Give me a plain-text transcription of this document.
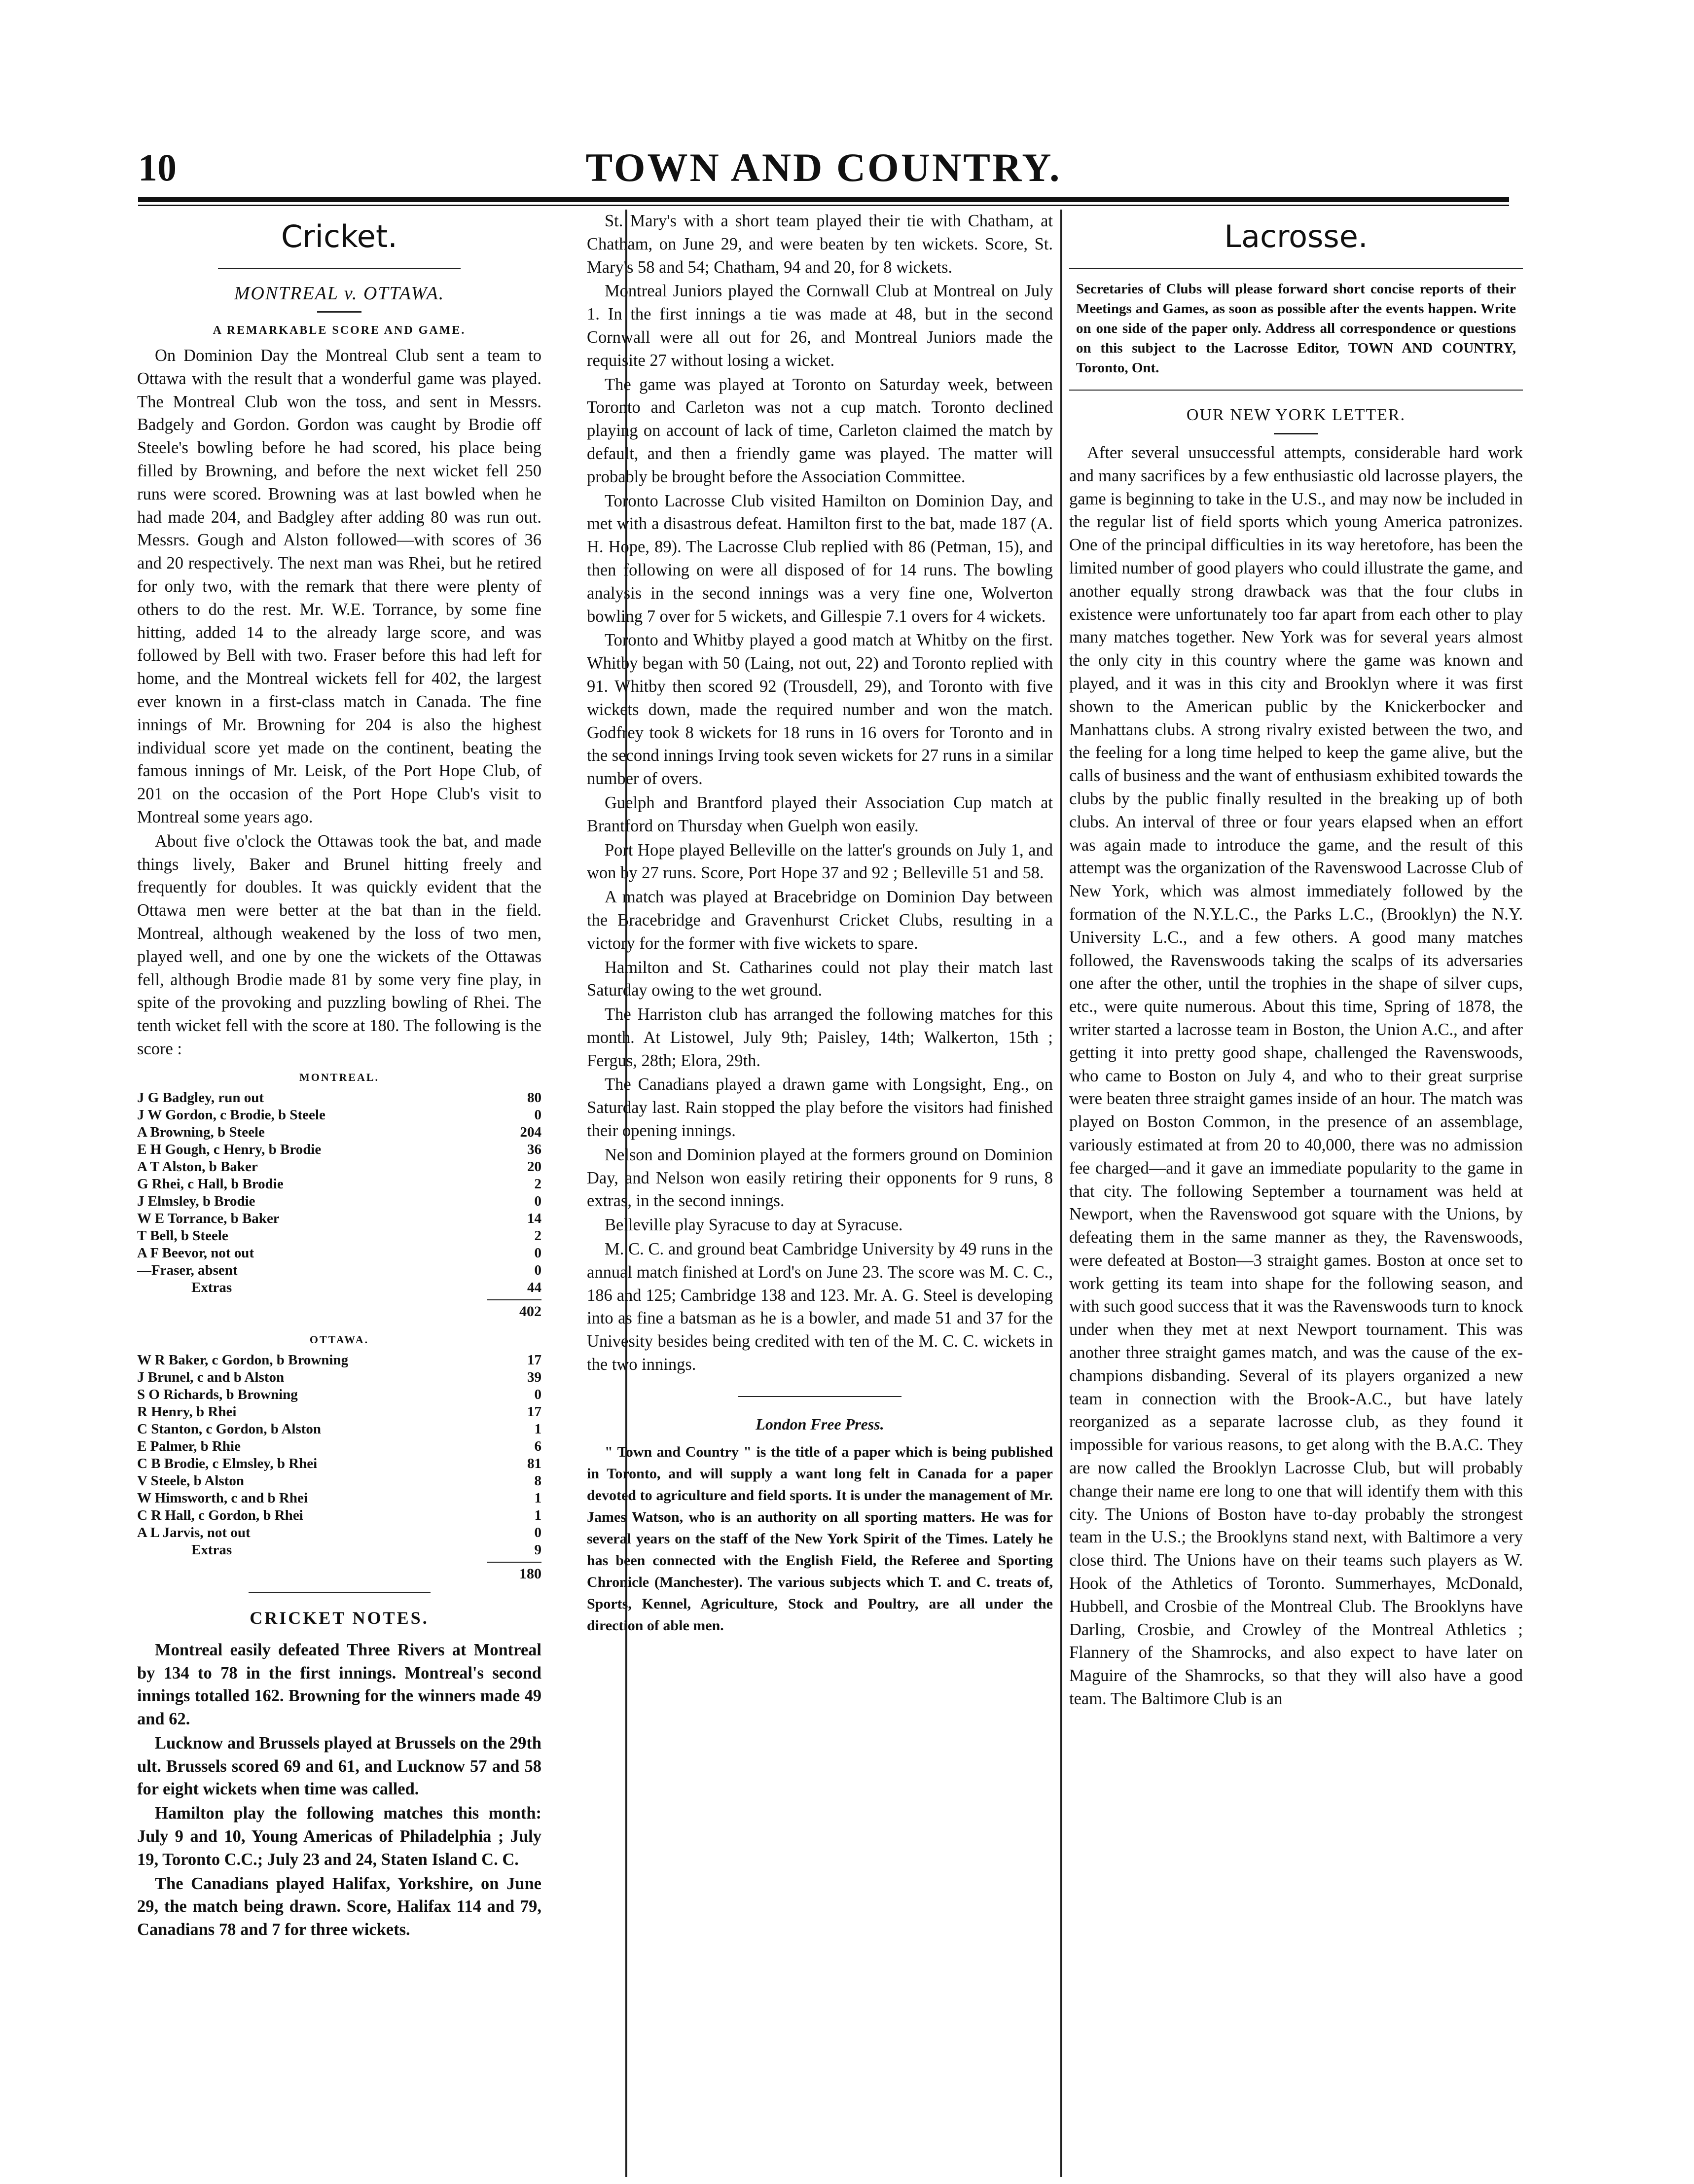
10	TOWN AND COUNTRY.
Cricket.
MONTREAL v. OTTAWA.
A REMARKABLE SCORE AND GAME.

On Dominion Day the Montreal Club sent a team to Ottawa with the result that a wonderful game was played. The Montreal Club won the toss, and sent in Messrs. Badgely and Gordon. Gordon was caught by Brodie off Steele's bowling before he had scored, his place being filled by Browning, and before the next wicket fell 250 runs were scored. Browning was at last bowled when he had made 204, and Badgley after adding 80 was run out. Messrs. Gough and Alston followed—with scores of 36 and 20 respectively. The next man was Rhei, but he retired for only two, with the remark that there were plenty of others to do the rest. Mr. W.E. Torrance, by some fine hitting, added 14 to the already large score, and was followed by Bell with two. Fraser before this had left for home, and the Montreal wickets fell for 402, the largest ever known in a first-class match in Canada. The fine innings of Mr. Browning for 204 is also the highest individual score yet made on the continent, beating the famous innings of Mr. Leisk, of the Port Hope Club, of 201 on the occasion of the Port Hope Club's visit to Montreal some years ago.

About five o'clock the Ottawas took the bat, and made things lively, Baker and Brunel hitting freely and frequently for doubles. It was quickly evident that the Ottawa men were better at the bat than in the field. Montreal, although weakened by the loss of two men, played well, and one by one the wickets of the Ottawas fell, although Brodie made 81 by some very fine play, in spite of the provoking and puzzling bowling of Rhei. The tenth wicket fell with the score at 180. The following is the score :

MONTREAL.
J G Badgley, run out	80
J W Gordon, c Brodie, b Steele	0
A Browning, b Steele	204
E H Gough, c Henry, b Brodie	36
A T Alston, b Baker	20
G Rhei, c Hall, b Brodie	2
J Elmsley, b Brodie	0
W E Torrance, b Baker	14
T Bell, b Steele	2
A F Beevor, not out	0
—Fraser, absent	0
Extras	44
402
OTTAWA.
W R Baker, c Gordon, b Browning	17
J Brunel, c and b Alston	39
S O Richards, b Browning	0
R Henry, b Rhei	17
C Stanton, c Gordon, b Alston	1
E Palmer, b Rhie	6
C B Brodie, c Elmsley, b Rhei	81
V Steele, b Alston	8
W Himsworth, c and b Rhei	1
C R Hall, c Gordon, b Rhei	1
A L Jarvis, not out	0
Extras	9
180
CRICKET NOTES.

Montreal easily defeated Three Rivers at Montreal by 134 to 78 in the first innings. Montreal's second innings totalled 162. Browning for the winners made 49 and 62.

Lucknow and Brussels played at Brussels on the 29th ult. Brussels scored 69 and 61, and Lucknow 57 and 58 for eight wickets when time was called.

Hamilton play the following matches this month: July 9 and 10, Young Americas of Philadelphia ; July 19, Toronto C.C.; July 23 and 24, Staten Island C. C.

The Canadians played Halifax, Yorkshire, on June 29, the match being drawn. Score, Halifax 114 and 79, Canadians 78 and 7 for three wickets.

St. Mary's with a short team played their tie with Chatham, at Chatham, on June 29, and were beaten by ten wickets. Score, St. Mary's 58 and 54; Chatham, 94 and 20, for 8 wickets.

Montreal Juniors played the Cornwall Club at Montreal on July 1. In the first innings a tie was made at 48, but in the second Cornwall were all out for 26, and Montreal Juniors made the requisite 27 without losing a wicket.

The game was played at Toronto on Saturday week, between Toronto and Carleton was not a cup match. Toronto declined playing on account of lack of time, Carleton claimed the match by default, and then a friendly game was played. The matter will probably be brought before the Association Committee.

Toronto Lacrosse Club visited Hamilton on Dominion Day, and met with a disastrous defeat. Hamilton first to the bat, made 187 (A. H. Hope, 89). The Lacrosse Club replied with 86 (Petman, 15), and then following on were all disposed of for 14 runs. The bowling analysis in the second innings was a very fine one, Wolverton bowling 7 over for 5 wickets, and Gillespie 7.1 overs for 4 wickets.

Toronto and Whitby played a good match at Whitby on the first. Whitby began with 50 (Laing, not out, 22) and Toronto replied with 91. Whitby then scored 92 (Trousdell, 29), and Toronto with five wickets down, made the required number and won the match. Godfrey took 8 wickets for 18 runs in 16 overs for Toronto and in the second innings Irving took seven wickets for 27 runs in a similar number of overs.

Guelph and Brantford played their Association Cup match at Brantford on Thursday when Guelph won easily.

Port Hope played Belleville on the latter's grounds on July 1, and won by 27 runs. Score, Port Hope 37 and 92 ; Belleville 51 and 58.

A match was played at Bracebridge on Dominion Day between the Bracebridge and Gravenhurst Cricket Clubs, resulting in a victory for the former with five wickets to spare.

Hamilton and St. Catharines could not play their match last Saturday owing to the wet ground.

The Harriston club has arranged the following matches for this month. At Listowel, July 9th; Paisley, 14th; Walkerton, 15th ; Fergus, 28th; Elora, 29th.

The Canadians played a drawn game with Longsight, Eng., on Saturday last. Rain stopped the play before the visitors had finished their opening innings.

Nelson and Dominion played at the formers ground on Dominion Day, and Nelson won easily retiring their opponents for 9 runs, 8 extras, in the second innings.

Belleville play Syracuse to day at Syracuse.

M. C. C. and ground beat Cambridge University by 49 runs in the annual match finished at Lord's on June 23. The score was M. C. C., 186 and 125; Cambridge 138 and 123. Mr. A. G. Steel is developing into as fine a batsman as he is a bowler, and made 51 and 37 for the Univesity besides being credited with ten of the M. C. C. wickets in the two innings.

London Free Press.

" Town and Country " is the title of a paper which is being published in Toronto, and will supply a want long felt in Canada for a paper devoted to agriculture and field sports. It is under the management of Mr. James Watson, who is an authority on all sporting matters. He was for several years on the staff of the New York Spirit of the Times. Lately he has been connected with the English Field, the Referee and Sporting Chronicle (Manchester). The various subjects which T. and C. treats of, Sports, Kennel, Agriculture, Stock and Poultry, are all under the direction of able men.

Lacrosse.
Secretaries of Clubs will please forward short concise reports of their Meetings and Games, as soon as possible after the events happen. Write on one side of the paper only. Address all correspondence or questions on this subject to the Lacrosse Editor, TOWN AND COUNTRY, Toronto, Ont.
OUR NEW YORK LETTER.

After several unsuccessful attempts, considerable hard work and many sacrifices by a few enthusiastic old lacrosse players, the game is beginning to take in the U.S., and may now be included in the regular list of field sports which young America patronizes. One of the principal difficulties in its way heretofore, has been the limited number of good players who could illustrate the game, and another equally strong drawback was that the four clubs in existence were unfortunately too far apart from each other to play many matches together. New York was for several years almost the only city in this country where the game was known and played, and it was in this city and Brooklyn where it was first shown to the American public by the Knickerbocker and Manhattans clubs. A strong rivalry existed between the two, and the feeling for a long time helped to keep the game alive, but the calls of business and the want of enthusiasm exhibited towards the clubs by the public finally resulted in the breaking up of both clubs. An interval of three or four years elapsed when an effort was again made to introduce the game, and the result of this attempt was the organization of the Ravenswood Lacrosse Club of New York, which was almost immediately followed by the formation of the N.Y.L.C., the Parks L.C., (Brooklyn) the N.Y. University L.C., and a few others. A good many matches followed, the Ravenswoods taking the scalps of its adversaries one after the other, until the trophies in the shape of silver cups, etc., were quite numerous. About this time, Spring of 1878, the writer started a lacrosse team in Boston, the Union A.C., and after getting it into pretty good shape, challenged the Ravenswoods, who came to Boston on July 4, and who to their great surprise were beaten three straight games inside of an hour. The match was played on Boston Common, in the presence of an assemblage, variously estimated at from 20 to 40,000, there was no admission fee charged—and it gave an immediate popularity to the game in that city. The following September a tournament was held at Newport, when the Ravenswood got square with the Unions, by defeating them in the same manner as they, the Ravenswoods, were defeated at Boston—3 straight games. Boston at once set to work getting its team into shape for the following season, and with such good success that it was the Ravenswoods turn to knock under when they met at next Newport tournament. This was another three straight games match, and was the cause of the ex-champions disbanding. Several of its players organized a new team in connection with the Brook-A.C., but have lately reorganized as a separate lacrosse club, as they found it impossible for various reasons, to get along with the B.A.C. They are now called the Brooklyn Lacrosse Club, but will probably change their name ere long to one that will identify them with this city. The Unions of Boston have to-day probably the strongest team in the U.S.; the Brooklyns stand next, with Baltimore a very close third. The Unions have on their teams such players as W. Hook of the Athletics of Toronto. Summerhayes, McDonald, Hubbell, and Crosbie of the Montreal Club. The Brooklyns have Darling, Crosbie, and Crowley of the Montreal Athletics ; Flannery of the Shamrocks, and also expect to have later on Maguire of the Shamrocks, so that they will also have a good team. The Baltimore Club is an
